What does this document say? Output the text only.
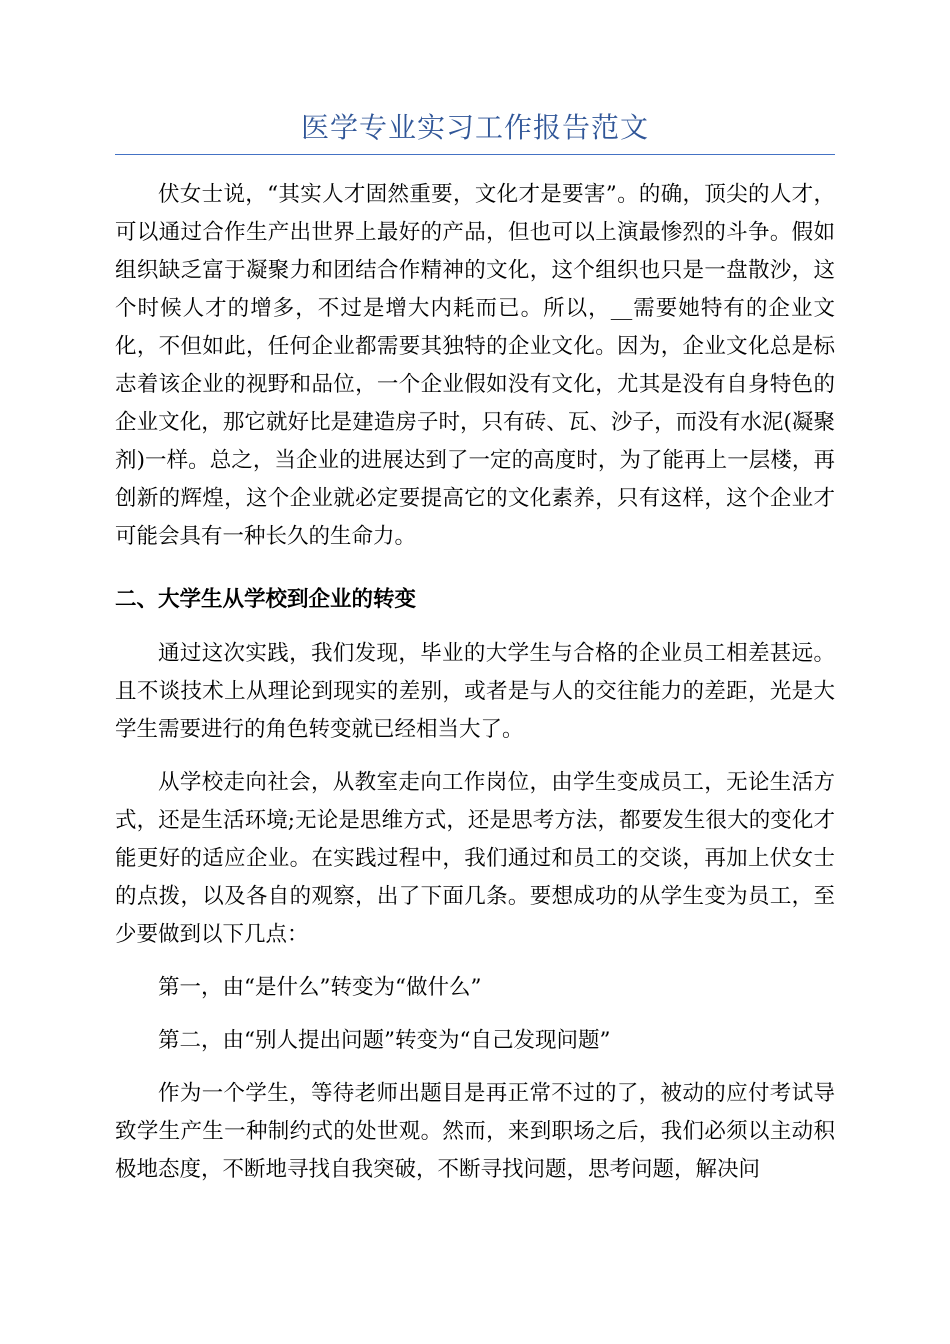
医学专业实习工作报告范文

伏女士说，“其实人才固然重要，文化才是要害”。的确，顶尖的人才，可以通过合作生产出世界上最好的产品，但也可以上演最惨烈的斗争。假如组织缺乏富于凝聚力和团结合作精神的文化，这个组织也只是一盘散沙，这个时候人才的增多，不过是增大内耗而已。所以，__需要她特有的企业文化，不但如此，任何企业都需要其独特的企业文化。因为，企业文化总是标志着该企业的视野和品位，一个企业假如没有文化，尤其是没有自身特色的企业文化，那它就好比是建造房子时，只有砖、瓦、沙子，而没有水泥(凝聚剂)一样。总之，当企业的进展达到了一定的高度时，为了能再上一层楼，再创新的辉煌，这个企业就必定要提高它的文化素养，只有这样，这个企业才可能会具有一种长久的生命力。

二、大学生从学校到企业的转变

通过这次实践，我们发现，毕业的大学生与合格的企业员工相差甚远。且不谈技术上从理论到现实的差别，或者是与人的交往能力的差距，光是大学生需要进行的角色转变就已经相当大了。

从学校走向社会，从教室走向工作岗位，由学生变成员工，无论生活方式，还是生活环境;无论是思维方式，还是思考方法，都要发生很大的变化才能更好的适应企业。在实践过程中，我们通过和员工的交谈，再加上伏女士的点拨，以及各自的观察，出了下面几条。要想成功的从学生变为员工，至少要做到以下几点：

第一，由“是什么”转变为“做什么”

第二，由“别人提出问题”转变为“自己发现问题”

作为一个学生，等待老师出题目是再正常不过的了，被动的应付考试导致学生产生一种制约式的处世观。然而，来到职场之后，我们必须以主动积极地态度，不断地寻找自我突破，不断寻找问题，思考问题，解决问
